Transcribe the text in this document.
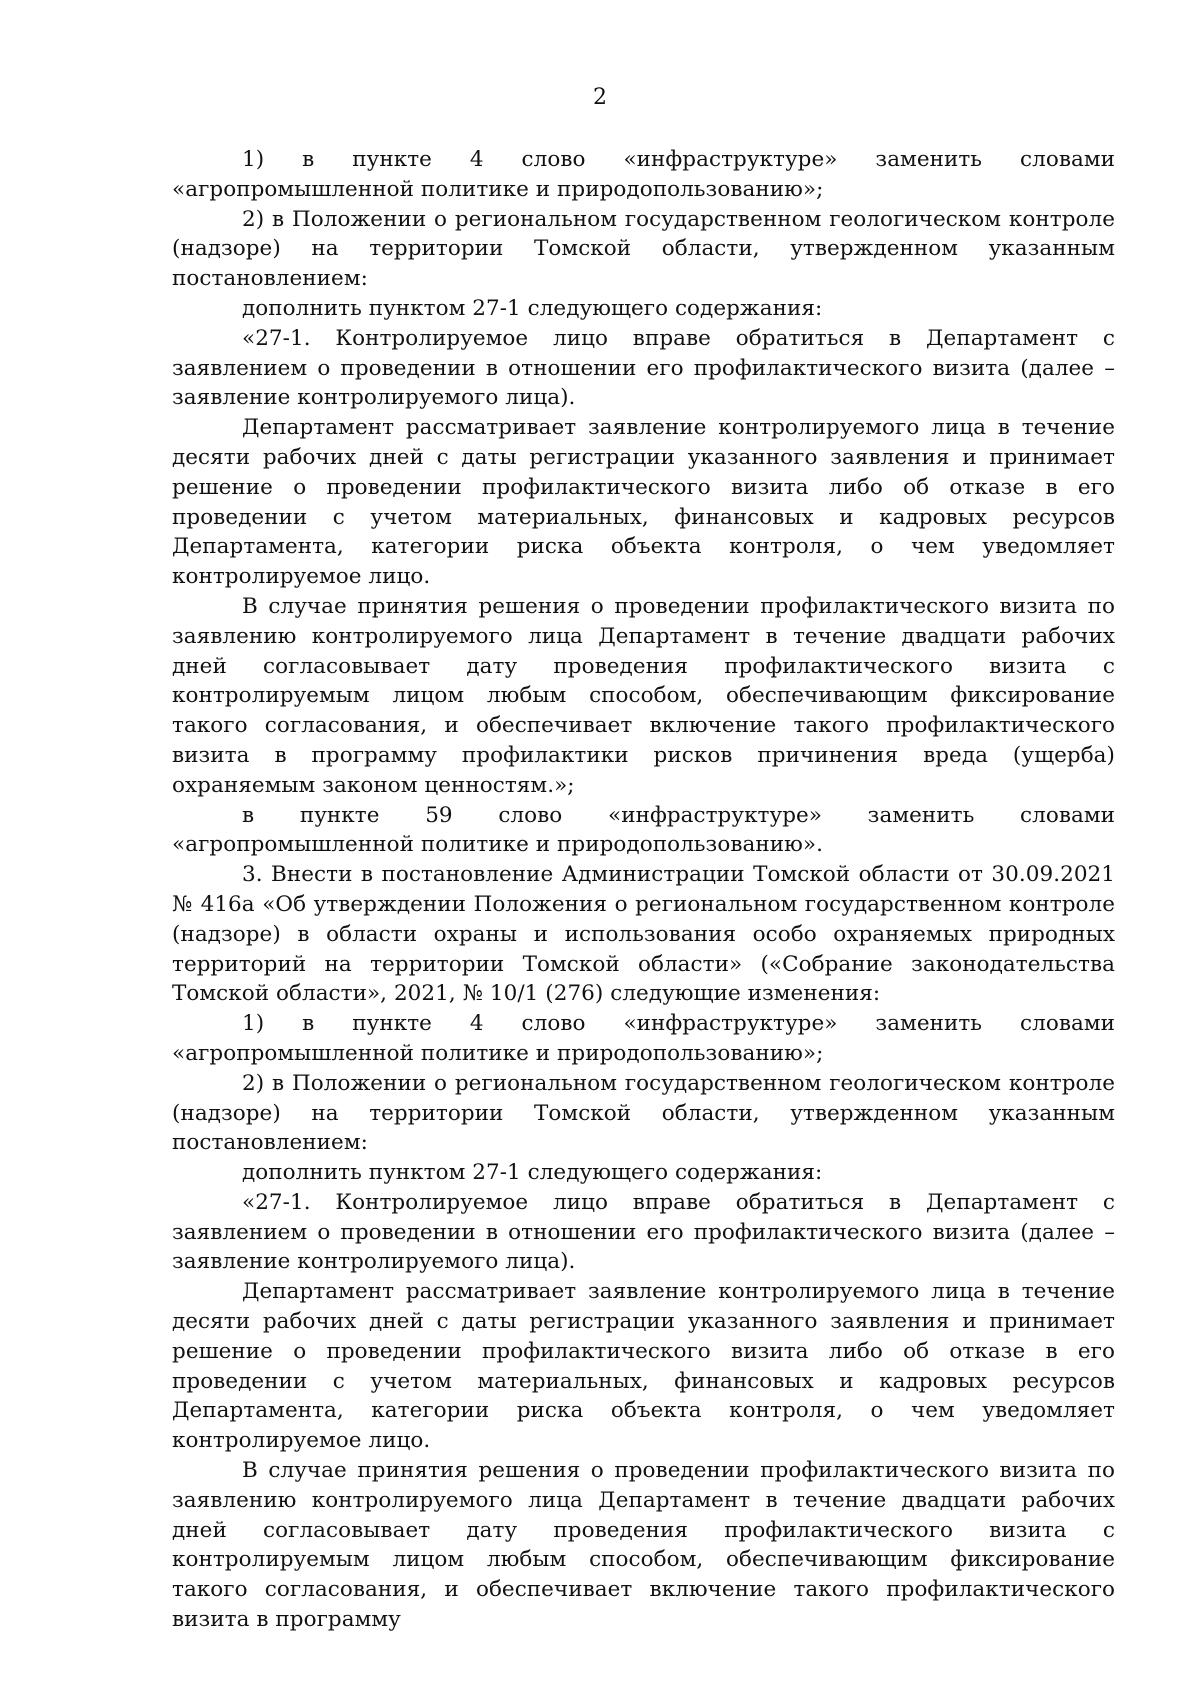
2

1) в пункте 4 слово «инфраструктуре» заменить словами «агропромышленной политике и природопользованию»;

2) в Положении о региональном государственном геологическом контроле (надзоре) на территории Томской области, утвержденном указанным постановлением:

дополнить пунктом 27-1 следующего содержания:

«27-1. Контролируемое лицо вправе обратиться в Департамент с заявлением о проведении в отношении его профилактического визита (далее – заявление контролируемого лица).

Департамент рассматривает заявление контролируемого лица в течение десяти рабочих дней с даты регистрации указанного заявления и принимает решение о проведении профилактического визита либо об отказе в его проведении с учетом материальных, финансовых и кадровых ресурсов Департамента, категории риска объекта контроля, о чем уведомляет контролируемое лицо.

В случае принятия решения о проведении профилактического визита по заявлению контролируемого лица Департамент в течение двадцати рабочих дней согласовывает дату проведения профилактического визита с контролируемым лицом любым способом, обеспечивающим фиксирование такого согласования, и обеспечивает включение такого профилактического визита в программу профилактики рисков причинения вреда (ущерба) охраняемым законом ценностям.»;

в пункте 59 слово «инфраструктуре» заменить словами «агропромышленной политике и природопользованию».

3. Внести в постановление Администрации Томской области от 30.09.2021 № 416а «Об утверждении Положения о региональном государственном контроле (надзоре) в области охраны и использования особо охраняемых природных территорий на территории Томской области» («Собрание законодательства Томской области», 2021, № 10/1 (276) следующие изменения:

1) в пункте 4 слово «инфраструктуре» заменить словами «агропромышленной политике и природопользованию»;

2) в Положении о региональном государственном геологическом контроле (надзоре) на территории Томской области, утвержденном указанным постановлением:

дополнить пунктом 27-1 следующего содержания:

«27-1. Контролируемое лицо вправе обратиться в Департамент с заявлением о проведении в отношении его профилактического визита (далее – заявление контролируемого лица).

Департамент рассматривает заявление контролируемого лица в течение десяти рабочих дней с даты регистрации указанного заявления и принимает решение о проведении профилактического визита либо об отказе в его проведении с учетом материальных, финансовых и кадровых ресурсов Департамента, категории риска объекта контроля, о чем уведомляет контролируемое лицо.

В случае принятия решения о проведении профилактического визита по заявлению контролируемого лица Департамент в течение двадцати рабочих дней согласовывает дату проведения профилактического визита с контролируемым лицом любым способом, обеспечивающим фиксирование такого согласования, и обеспечивает включение такого профилактического визита в программу
